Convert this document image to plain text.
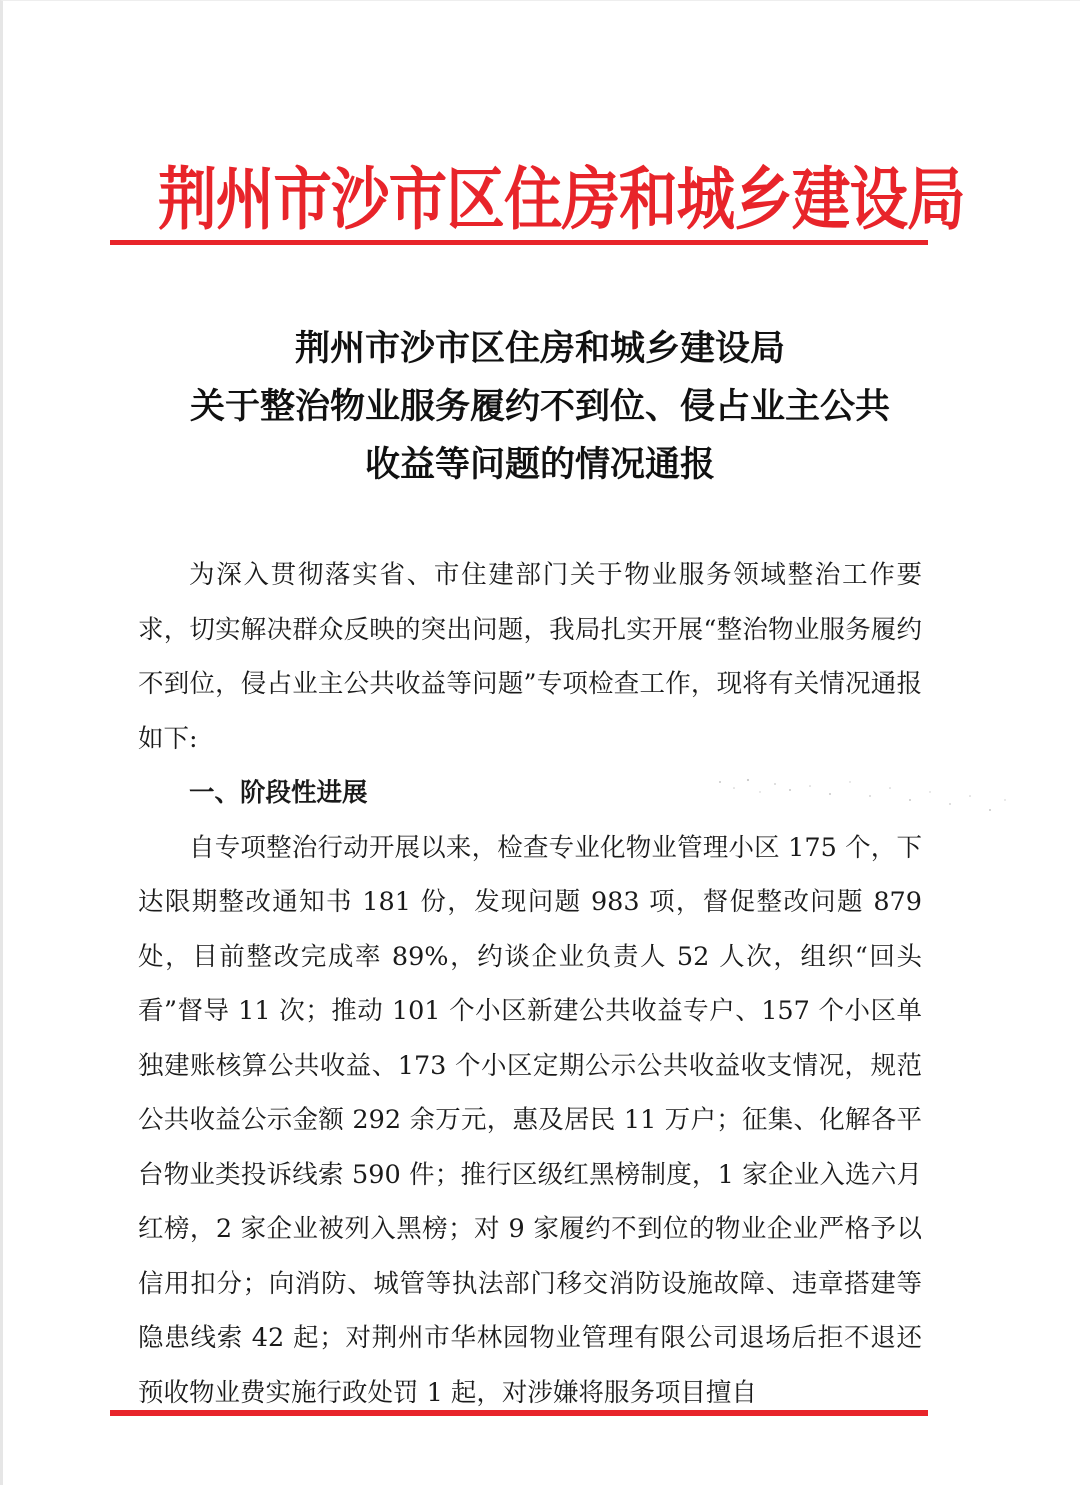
荆州市沙市区住房和城乡建设局
荆州市沙市区住房和城乡建设局
关于整治物业服务履约不到位、侵占业主公共
收益等问题的情况通报

为深入贯彻落实省、市住建部门关于物业服务领域整治工作要求，切实解决群众反映的突出问题，我局扎实开展“整治物业服务履约不到位，侵占业主公共收益等问题”专项检查工作，现将有关情况通报如下:

一、阶段性进展

自专项整治行动开展以来，检查专业化物业管理小区 175 个，下达限期整改通知书 181 份，发现问题 983 项，督促整改问题 879 处，目前整改完成率 89%，约谈企业负责人 52 人次，组织“回头看”督导 11 次；推动 101 个小区新建公共收益专户、157 个小区单独建账核算公共收益、173 个小区定期公示公共收益收支情况，规范公共收益公示金额 292 余万元，惠及居民 11 万户；征集、化解各平台物业类投诉线索 590 件；推行区级红黑榜制度，1 家企业入选六月红榜，2 家企业被列入黑榜；对 9 家履约不到位的物业企业严格予以信用扣分；向消防、城管等执法部门移交消防设施故障、违章搭建等隐患线索 42 起；对荆州市华林园物业管理有限公司退场后拒不退还预收物业费实施行政处罚 1 起，对涉嫌将服务项目擅自
